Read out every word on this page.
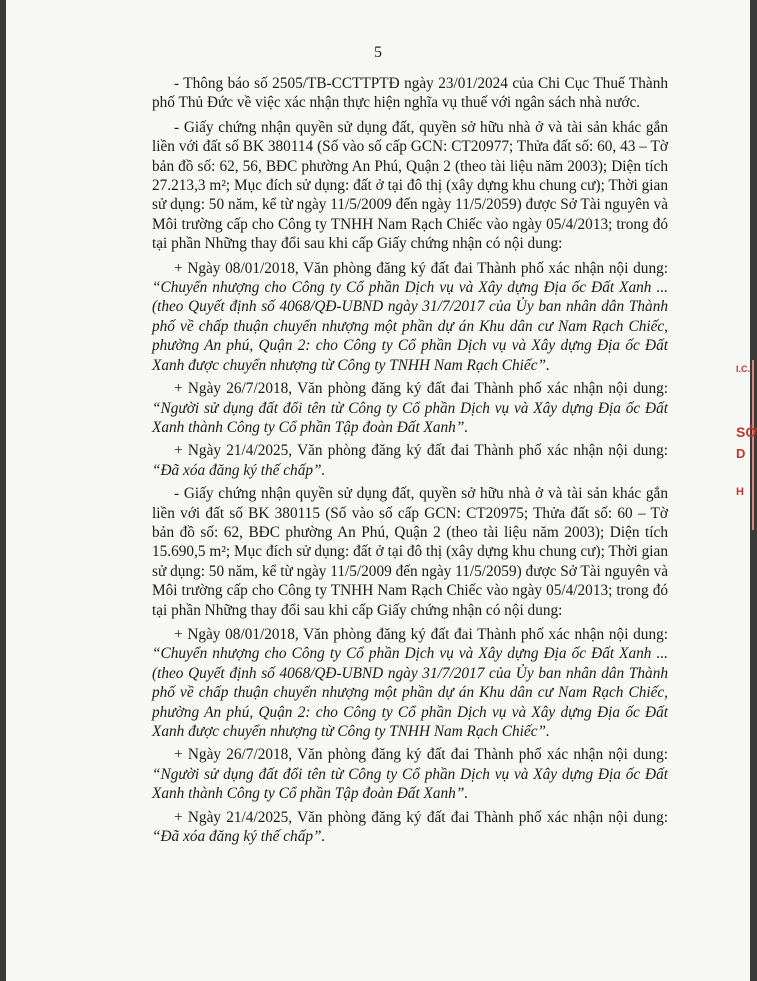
5

- Thông báo số 2505/TB-CCTTPTĐ ngày 23/01/2024 của Chi Cục Thuế Thành phố Thủ Đức về việc xác nhận thực hiện nghĩa vụ thuế với ngân sách nhà nước.

- Giấy chứng nhận quyền sử dụng đất, quyền sở hữu nhà ở và tài sản khác gắn liền với đất số BK 380114 (Số vào số cấp GCN: CT20977; Thửa đất số: 60, 43 – Tờ bản đồ số: 62, 56, BĐC phường An Phú, Quận 2 (theo tài liệu năm 2003); Diện tích 27.213,3 m²; Mục đích sử dụng: đất ở tại đô thị (xây dựng khu chung cư); Thời gian sử dụng: 50 năm, kể từ ngày 11/5/2009 đến ngày 11/5/2059) được Sở Tài nguyên và Môi trường cấp cho Công ty TNHH Nam Rạch Chiếc vào ngày 05/4/2013; trong đó tại phần Những thay đổi sau khi cấp Giấy chứng nhận có nội dung:

+ Ngày 08/01/2018, Văn phòng đăng ký đất đai Thành phố xác nhận nội dung: “Chuyển nhượng cho Công ty Cổ phần Dịch vụ và Xây dựng Địa ốc Đất Xanh ... (theo Quyết định số 4068/QĐ-UBND ngày 31/7/2017 của Ủy ban nhân dân Thành phố về chấp thuận chuyển nhượng một phần dự án Khu dân cư Nam Rạch Chiếc, phường An phú, Quận 2: cho Công ty Cổ phần Dịch vụ và Xây dựng Địa ốc Đất Xanh được chuyển nhượng từ Công ty TNHH Nam Rạch Chiếc”.

+ Ngày 26/7/2018, Văn phòng đăng ký đất đai Thành phố xác nhận nội dung: “Người sử dụng đất đổi tên từ Công ty Cổ phần Dịch vụ và Xây dựng Địa ốc Đất Xanh thành Công ty Cổ phần Tập đoàn Đất Xanh”.

+ Ngày 21/4/2025, Văn phòng đăng ký đất đai Thành phố xác nhận nội dung: “Đã xóa đăng ký thế chấp”.

- Giấy chứng nhận quyền sử dụng đất, quyền sở hữu nhà ở và tài sản khác gắn liền với đất số BK 380115 (Số vào số cấp GCN: CT20975; Thửa đất số: 60 – Tờ bản đồ số: 62, BĐC phường An Phú, Quận 2 (theo tài liệu năm 2003); Diện tích 15.690,5 m²; Mục đích sử dụng: đất ở tại đô thị (xây dựng khu chung cư); Thời gian sử dụng: 50 năm, kể từ ngày 11/5/2009 đến ngày 11/5/2059) được Sở Tài nguyên và Môi trường cấp cho Công ty TNHH Nam Rạch Chiếc vào ngày 05/4/2013; trong đó tại phần Những thay đổi sau khi cấp Giấy chứng nhận có nội dung:

+ Ngày 08/01/2018, Văn phòng đăng ký đất đai Thành phố xác nhận nội dung: “Chuyển nhượng cho Công ty Cổ phần Dịch vụ và Xây dựng Địa ốc Đất Xanh ... (theo Quyết định số 4068/QĐ-UBND ngày 31/7/2017 của Ủy ban nhân dân Thành phố về chấp thuận chuyển nhượng một phần dự án Khu dân cư Nam Rạch Chiếc, phường An phú, Quận 2: cho Công ty Cổ phần Dịch vụ và Xây dựng Địa ốc Đất Xanh được chuyển nhượng từ Công ty TNHH Nam Rạch Chiếc”.

+ Ngày 26/7/2018, Văn phòng đăng ký đất đai Thành phố xác nhận nội dung: “Người sử dụng đất đổi tên từ Công ty Cổ phần Dịch vụ và Xây dựng Địa ốc Đất Xanh thành Công ty Cổ phần Tập đoàn Đất Xanh”.

+ Ngày 21/4/2025, Văn phòng đăng ký đất đai Thành phố xác nhận nội dung: “Đã xóa đăng ký thế chấp”.

I.C.
SỞ
D
H
